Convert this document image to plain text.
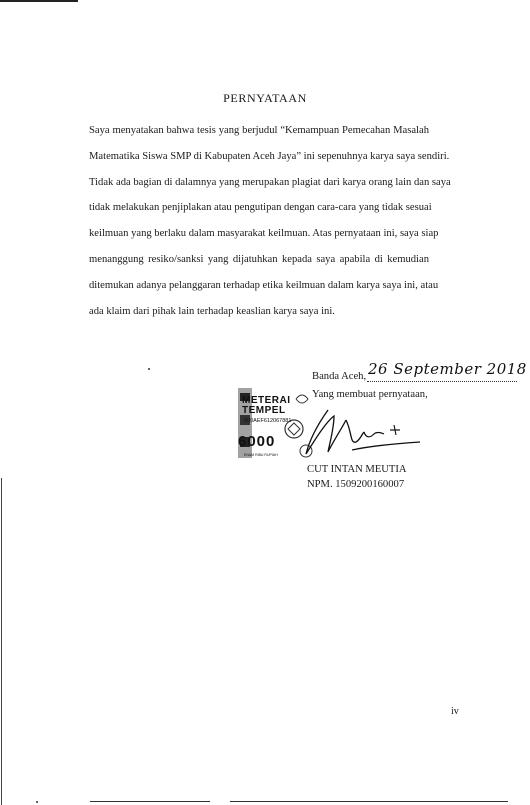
PERNYATAAN
Saya menyatakan bahwa tesis yang berjudul “Kemampuan Pemecahan Masalah
Matematika Siswa SMP di Kabupaten Aceh Jaya” ini sepenuhnya karya saya sendiri.
Tidak ada bagian di dalamnya yang merupakan plagiat dari karya orang lain dan saya
tidak melakukan penjiplakan atau pengutipan dengan cara-cara yang tidak sesuai
keilmuan yang berlaku dalam masyarakat keilmuan. Atas pernyataan ini, saya siap
menanggung resiko/sanksi yang dijatuhkan kepada saya apabila di kemudian
ditemukan adanya pelanggaran terhadap etika keilmuan dalam karya saya ini, atau
ada klaim dari pihak lain terhadap keaslian karya saya ini.
Banda Aceh, 26 September 2018
Yang membuat pernyataan,
METERAI
TEMPEL
500AEF612067881
6000
ENAM RIBU RUPIAH
CUT INTAN MEUTIA
NPM. 1509200160007
iv
